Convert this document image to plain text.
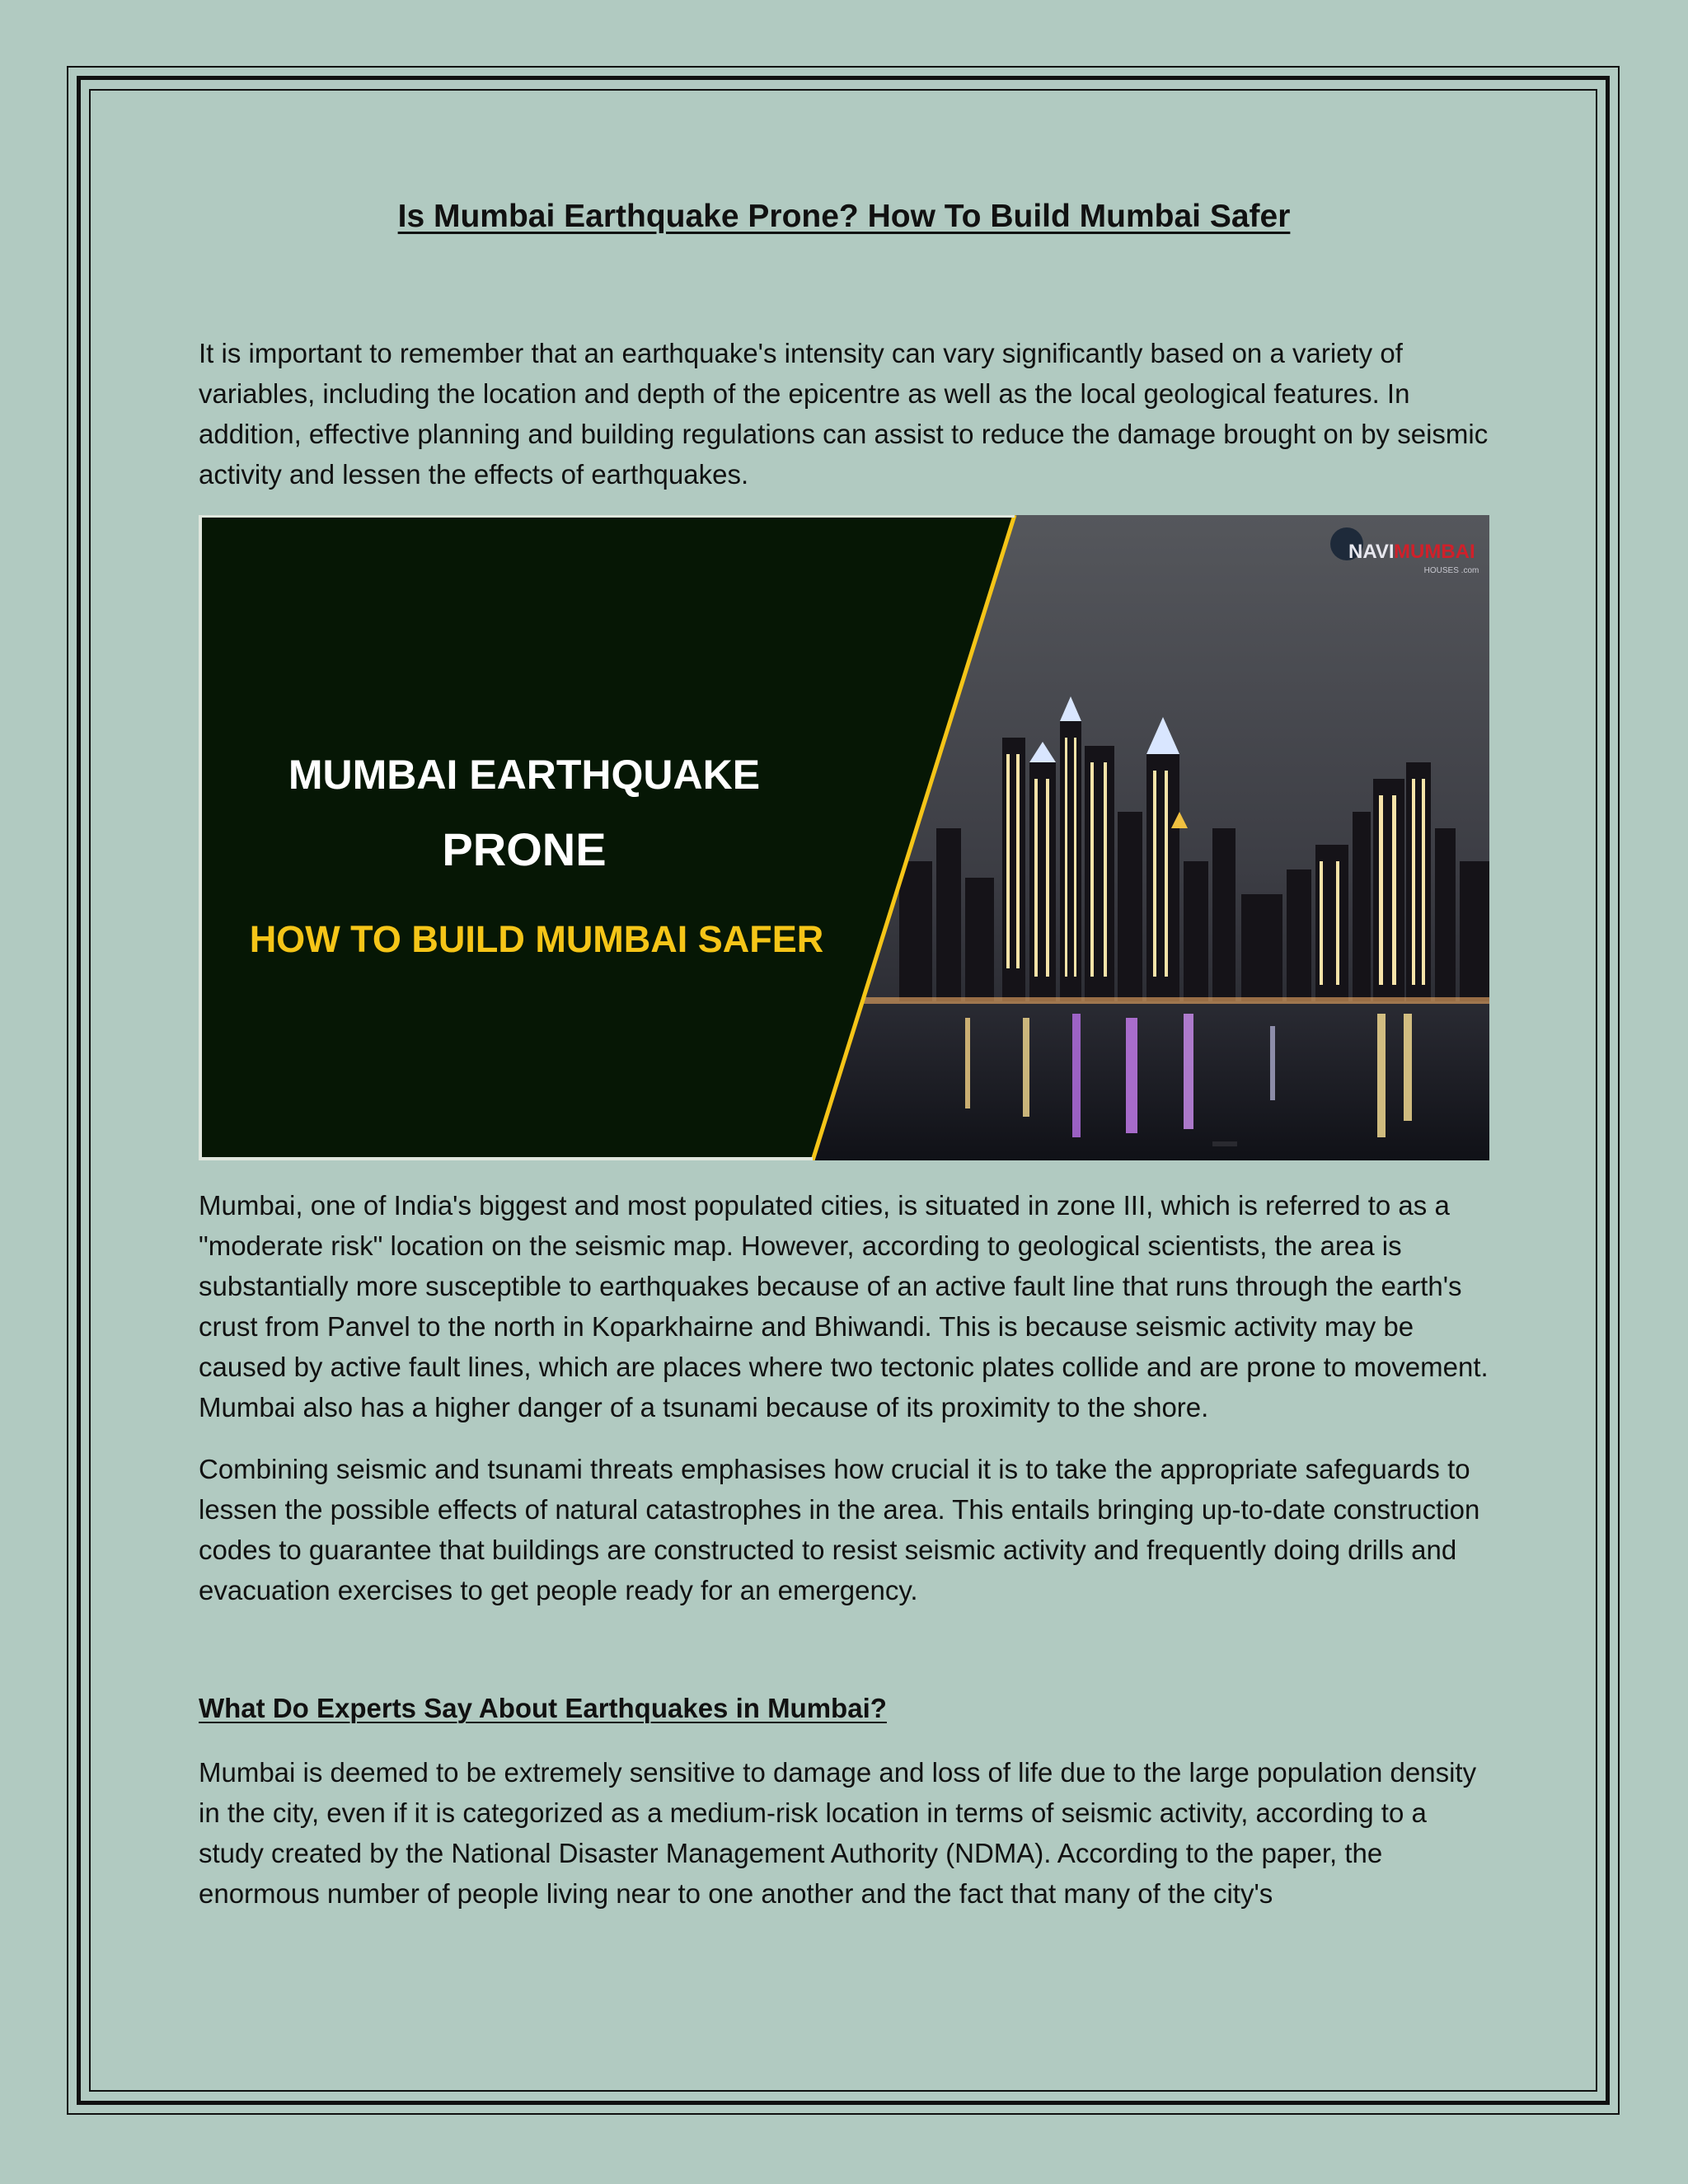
Is Mumbai Earthquake Prone? How To Build Mumbai Safer

It is important to remember that an earthquake's intensity can vary significantly based on a variety of variables, including the location and depth of the epicentre as well as the local geological features. In addition, effective planning and building regulations can assist to reduce the damage brought on by seismic activity and lessen the effects of earthquakes.

MUMBAI EARTHQUAKE
PRONE
HOW TO BUILD MUMBAI SAFER
NAVI MUMBAI
HOUSES .com

Mumbai, one of India's biggest and most populated cities, is situated in zone III, which is referred to as a "moderate risk" location on the seismic map. However, according to geological scientists, the area is substantially more susceptible to earthquakes because of an active fault line that runs through the earth's crust from Panvel to the north in Koparkhairne and Bhiwandi. This is because seismic activity may be caused by active fault lines, which are places where two tectonic plates collide and are prone to movement. Mumbai also has a higher danger of a tsunami because of its proximity to the shore.

Combining seismic and tsunami threats emphasises how crucial it is to take the appropriate safeguards to lessen the possible effects of natural catastrophes in the area. This entails bringing up-to-date construction codes to guarantee that buildings are constructed to resist seismic activity and frequently doing drills and evacuation exercises to get people ready for an emergency.

What Do Experts Say About Earthquakes in Mumbai?

Mumbai is deemed to be extremely sensitive to damage and loss of life due to the large population density in the city, even if it is categorized as a medium-risk location in terms of seismic activity, according to a study created by the National Disaster Management Authority (NDMA). According to the paper, the enormous number of people living near to one another and the fact that many of the city's
